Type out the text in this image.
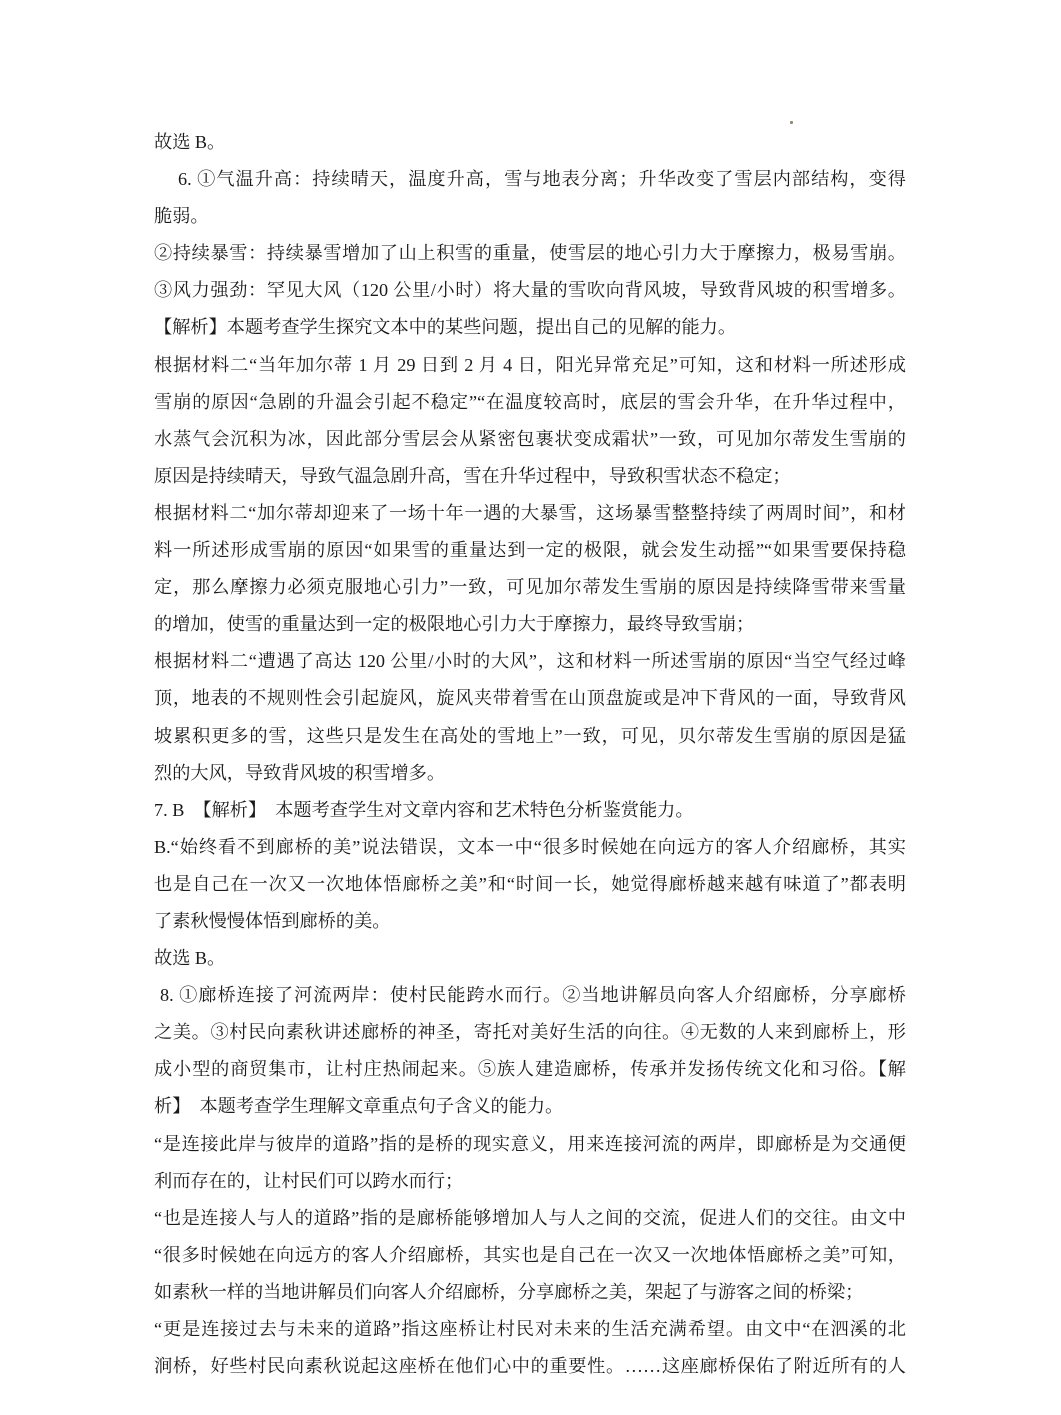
故选 B。
6. ①气温升高：持续晴天，温度升高，雪与地表分离；升华改变了雪层内部结构，变得
脆弱。
②持续暴雪：持续暴雪增加了山上积雪的重量，使雪层的地心引力大于摩擦力，极易雪崩。
③风力强劲：罕见大风（120 公里/小时）将大量的雪吹向背风坡，导致背风坡的积雪增多。
【解析】本题考查学生探究文本中的某些问题，提出自己的见解的能力。
根据材料二“当年加尔蒂 1 月 29 日到 2 月 4 日，阳光异常充足”可知，这和材料一所述形成
雪崩的原因“急剧的升温会引起不稳定”“在温度较高时，底层的雪会升华，在升华过程中，
水蒸气会沉积为冰，因此部分雪层会从紧密包裹状变成霜状”一致，可见加尔蒂发生雪崩的
原因是持续晴天，导致气温急剧升高，雪在升华过程中，导致积雪状态不稳定；
根据材料二“加尔蒂却迎来了一场十年一遇的大暴雪，这场暴雪整整持续了两周时间”，和材
料一所述形成雪崩的原因“如果雪的重量达到一定的极限，就会发生动摇”“如果雪要保持稳
定，那么摩擦力必须克服地心引力”一致，可见加尔蒂发生雪崩的原因是持续降雪带来雪量
的增加，使雪的重量达到一定的极限地心引力大于摩擦力，最终导致雪崩；
根据材料二“遭遇了高达 120 公里/小时的大风”，这和材料一所述雪崩的原因“当空气经过峰
顶，地表的不规则性会引起旋风，旋风夹带着雪在山顶盘旋或是冲下背风的一面，导致背风
坡累积更多的雪，这些只是发生在高处的雪地上”一致，可见，贝尔蒂发生雪崩的原因是猛
烈的大风，导致背风坡的积雪增多。
7. B　【解析】　本题考查学生对文章内容和艺术特色分析鉴赏能力。
B.“始终看不到廊桥的美”说法错误，文本一中“很多时候她在向远方的客人介绍廊桥，其实
也是自己在一次又一次地体悟廊桥之美”和“时间一长，她觉得廊桥越来越有味道了”都表明
了素秋慢慢体悟到廊桥的美。
故选 B。
8. ①廊桥连接了河流两岸：使村民能跨水而行。②当地讲解员向客人介绍廊桥，分享廊桥
之美。③村民向素秋讲述廊桥的神圣，寄托对美好生活的向往。④无数的人来到廊桥上，形
成小型的商贸集市，让村庄热闹起来。⑤族人建造廊桥，传承并发扬传统文化和习俗。【解
析】　本题考查学生理解文章重点句子含义的能力。
“是连接此岸与彼岸的道路”指的是桥的现实意义，用来连接河流的两岸，即廊桥是为交通便
利而存在的，让村民们可以跨水而行；
“也是连接人与人的道路”指的是廊桥能够增加人与人之间的交流，促进人们的交往。由文中
“很多时候她在向远方的客人介绍廊桥，其实也是自己在一次又一次地体悟廊桥之美”可知，
如素秋一样的当地讲解员们向客人介绍廊桥，分享廊桥之美，架起了与游客之间的桥梁；
“更是连接过去与未来的道路”指这座桥让村民对未来的生活充满希望。由文中“在泗溪的北
涧桥，好些村民向素秋说起这座桥在他们心中的重要性。……这座廊桥保佑了附近所有的人
